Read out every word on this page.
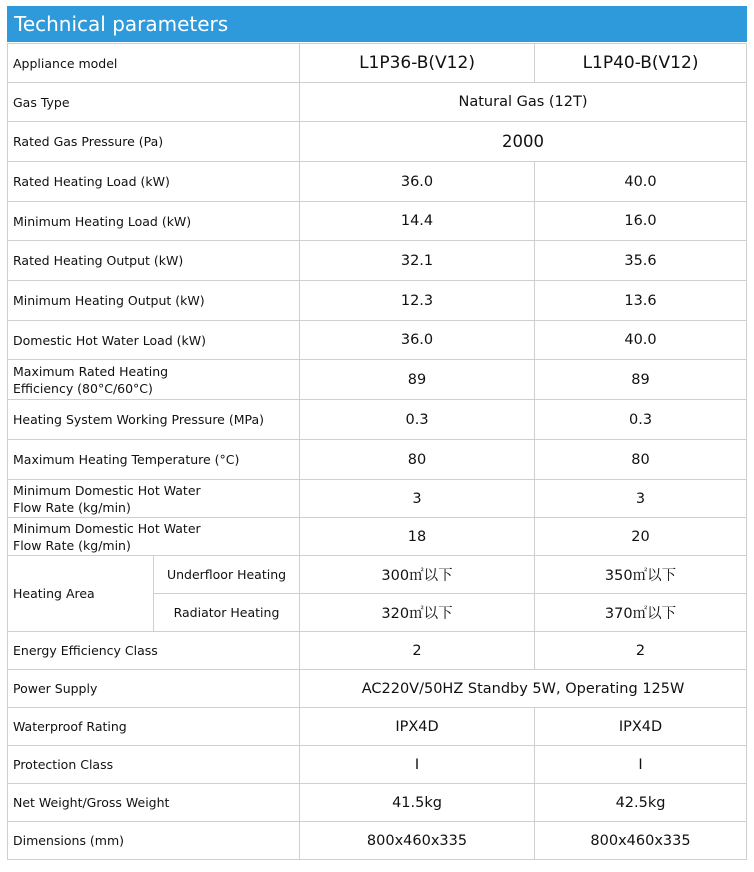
Technical parameters
Appliance model		L1P36-B(V12)	L1P40-B(V12)
Gas Type		Natural Gas (12T)	
Rated Gas Pressure (Pa)		2000	
Rated Heating Load (kW)		36.0	40.0
Minimum Heating Load (kW)		14.4	16.0
Rated Heating Output (kW)		32.1	35.6
Minimum Heating Output (kW)		12.3	13.6
Domestic Hot Water Load (kW)		36.0	40.0
Maximum Rated Heating
Efficiency (80°C/60°C)		89	89
Heating System Working Pressure (MPa)		0.3	0.3
Maximum Heating Temperature (°C)		80	80
Minimum Domestic Hot Water
Flow Rate (kg/min)		3	3
Minimum Domestic Hot Water
Flow Rate (kg/min)		18	20
Heating Area	Underfloor Heating	300㎡以下	350㎡以下
	Radiator Heating	320㎡以下	370㎡以下
Energy Efficiency Class		2	2
Power Supply		AC220V/50HZ Standby 5W, Operating 125W	
Waterproof Rating		IPX4D	IPX4D
Protection Class		I	I
Net Weight/Gross Weight		41.5kg	42.5kg
Dimensions (mm)		800x460x335	800x460x335
